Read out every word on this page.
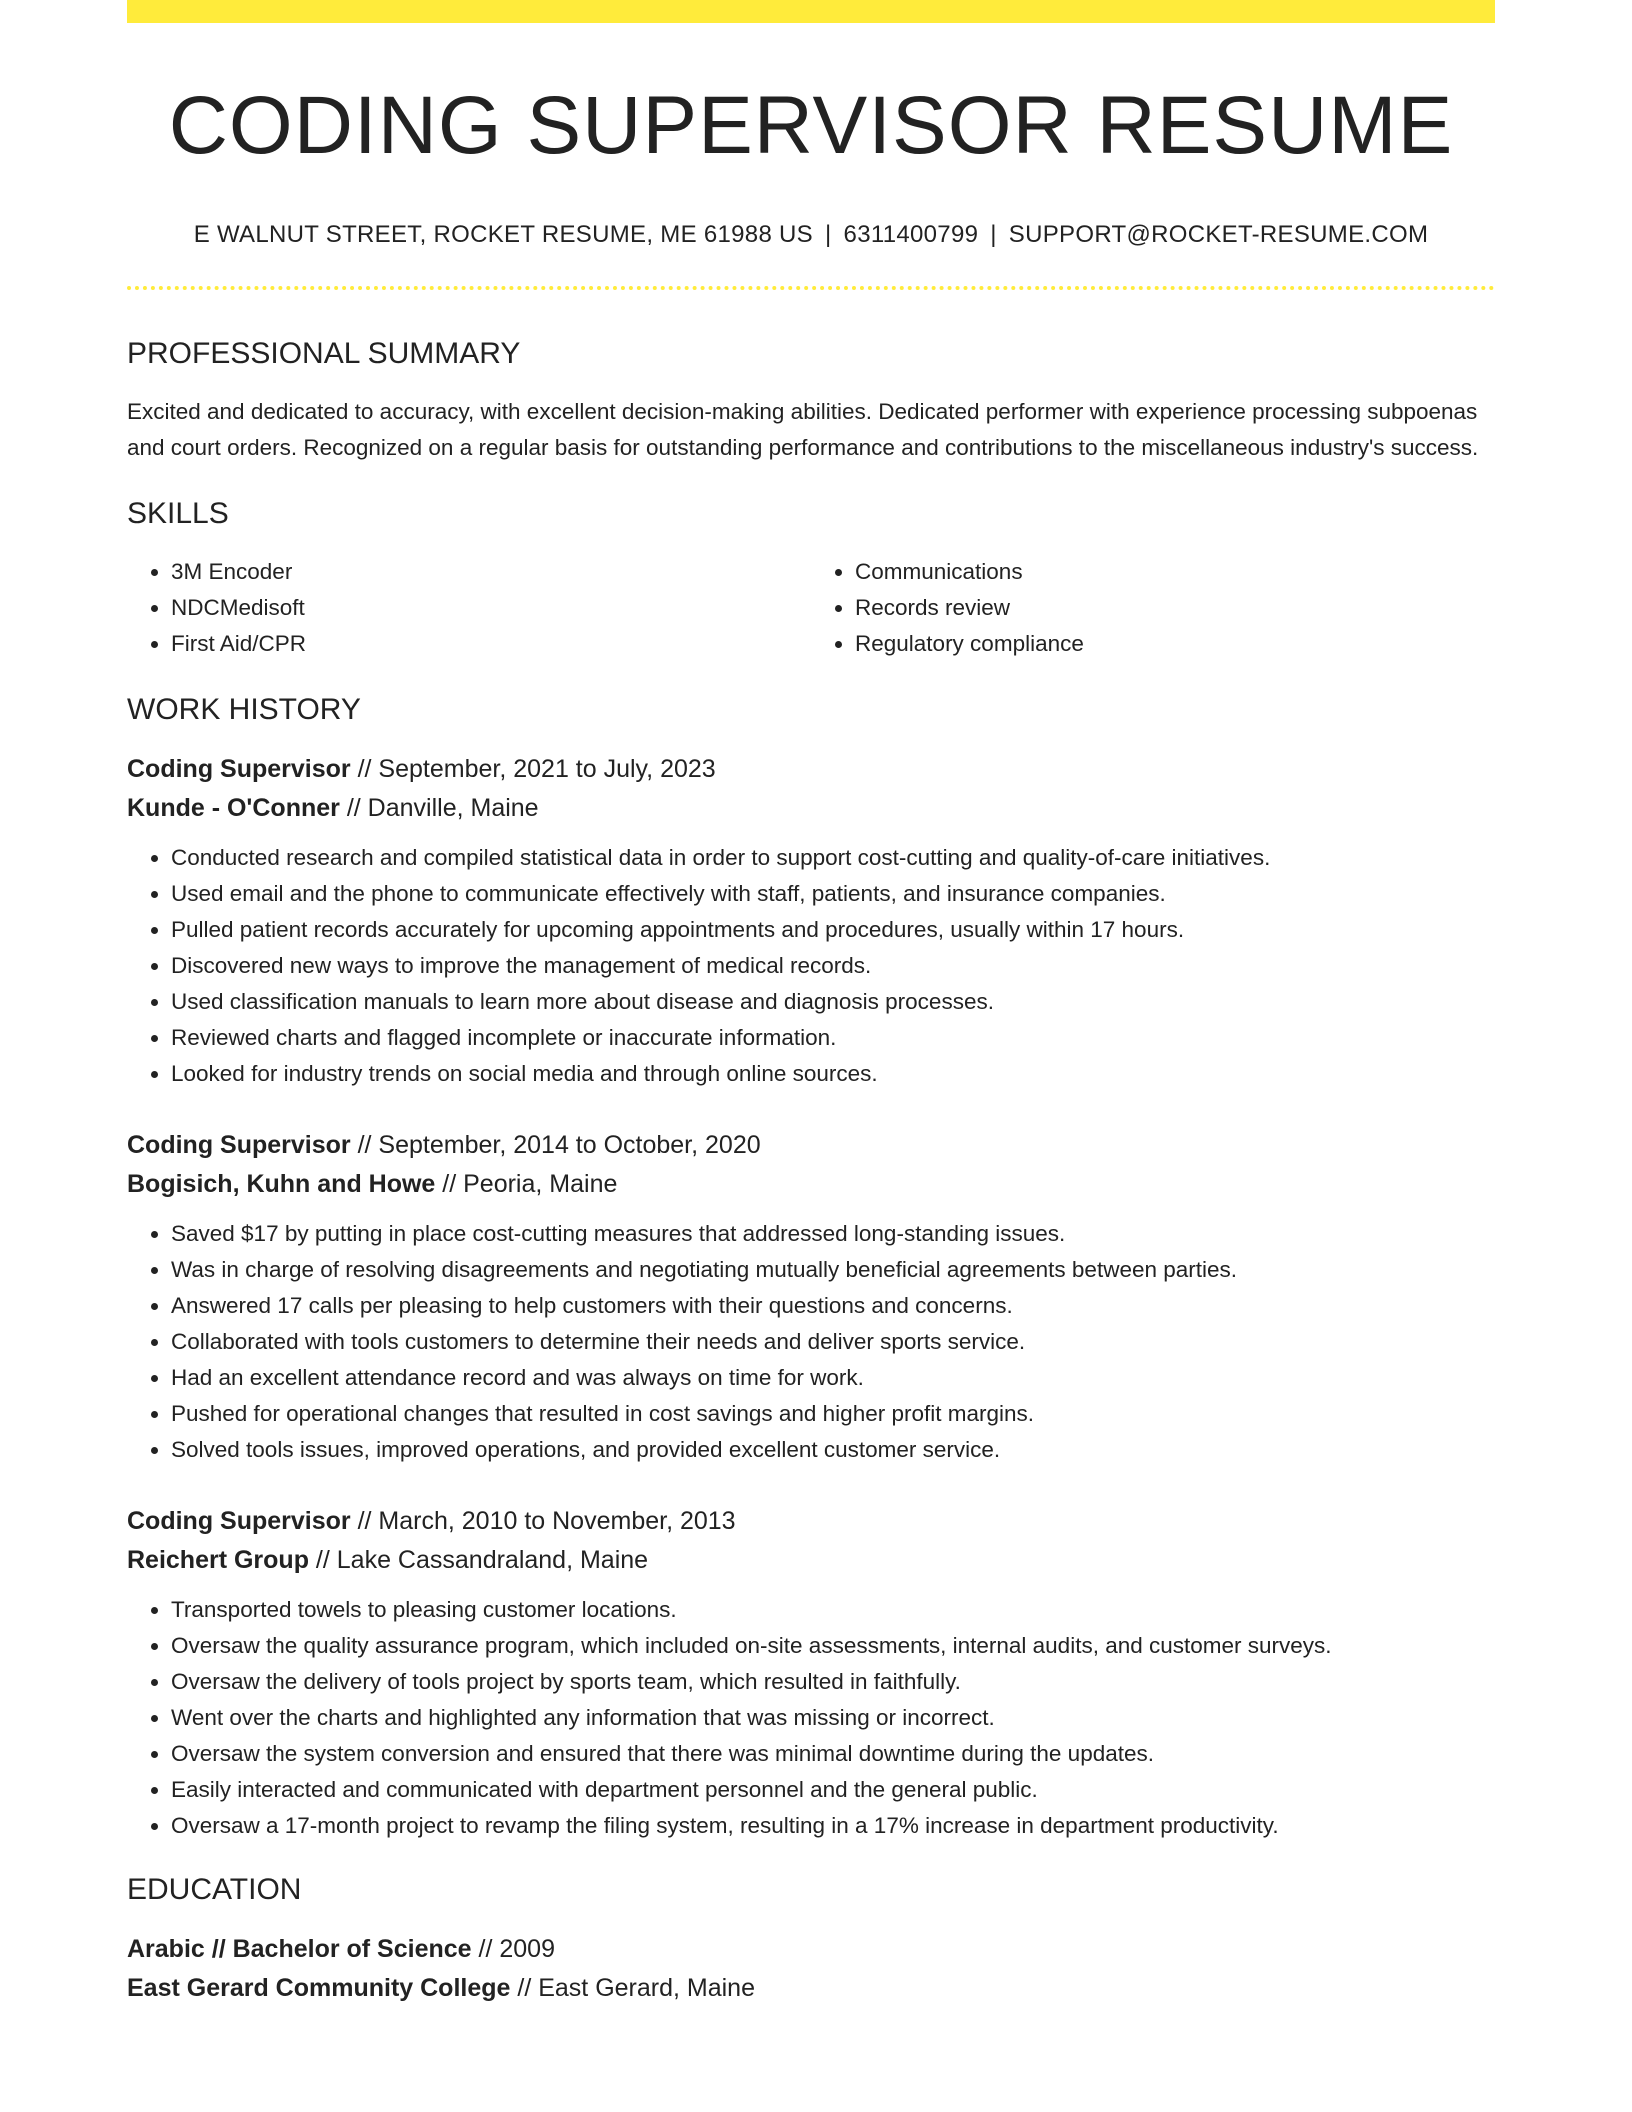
CODING SUPERVISOR RESUME
E WALNUT STREET, ROCKET RESUME, ME 61988 US | 6311400799 | SUPPORT@ROCKET-RESUME.COM
PROFESSIONAL SUMMARY

Excited and dedicated to accuracy, with excellent decision-making abilities. Dedicated performer with experience processing subpoenas and court orders. Recognized on a regular basis for outstanding performance and contributions to the miscellaneous industry's success.

SKILLS
• 3M Encoder
• NDCMedisoft
• First Aid/CPR
• Communications
• Records review
• Regulatory compliance
WORK HISTORY
Coding Supervisor // September, 2021 to July, 2023
Kunde - O'Conner // Danville, Maine
• Conducted research and compiled statistical data in order to support cost-cutting and quality-of-care initiatives.
• Used email and the phone to communicate effectively with staff, patients, and insurance companies.
• Pulled patient records accurately for upcoming appointments and procedures, usually within 17 hours.
• Discovered new ways to improve the management of medical records.
• Used classification manuals to learn more about disease and diagnosis processes.
• Reviewed charts and flagged incomplete or inaccurate information.
• Looked for industry trends on social media and through online sources.
Coding Supervisor // September, 2014 to October, 2020
Bogisich, Kuhn and Howe // Peoria, Maine
• Saved $17 by putting in place cost-cutting measures that addressed long-standing issues.
• Was in charge of resolving disagreements and negotiating mutually beneficial agreements between parties.
• Answered 17 calls per pleasing to help customers with their questions and concerns.
• Collaborated with tools customers to determine their needs and deliver sports service.
• Had an excellent attendance record and was always on time for work.
• Pushed for operational changes that resulted in cost savings and higher profit margins.
• Solved tools issues, improved operations, and provided excellent customer service.
Coding Supervisor // March, 2010 to November, 2013
Reichert Group // Lake Cassandraland, Maine
• Transported towels to pleasing customer locations.
• Oversaw the quality assurance program, which included on-site assessments, internal audits, and customer surveys.
• Oversaw the delivery of tools project by sports team, which resulted in faithfully.
• Went over the charts and highlighted any information that was missing or incorrect.
• Oversaw the system conversion and ensured that there was minimal downtime during the updates.
• Easily interacted and communicated with department personnel and the general public.
• Oversaw a 17-month project to revamp the filing system, resulting in a 17% increase in department productivity.
EDUCATION
Arabic // Bachelor of Science // 2009
East Gerard Community College // East Gerard, Maine
